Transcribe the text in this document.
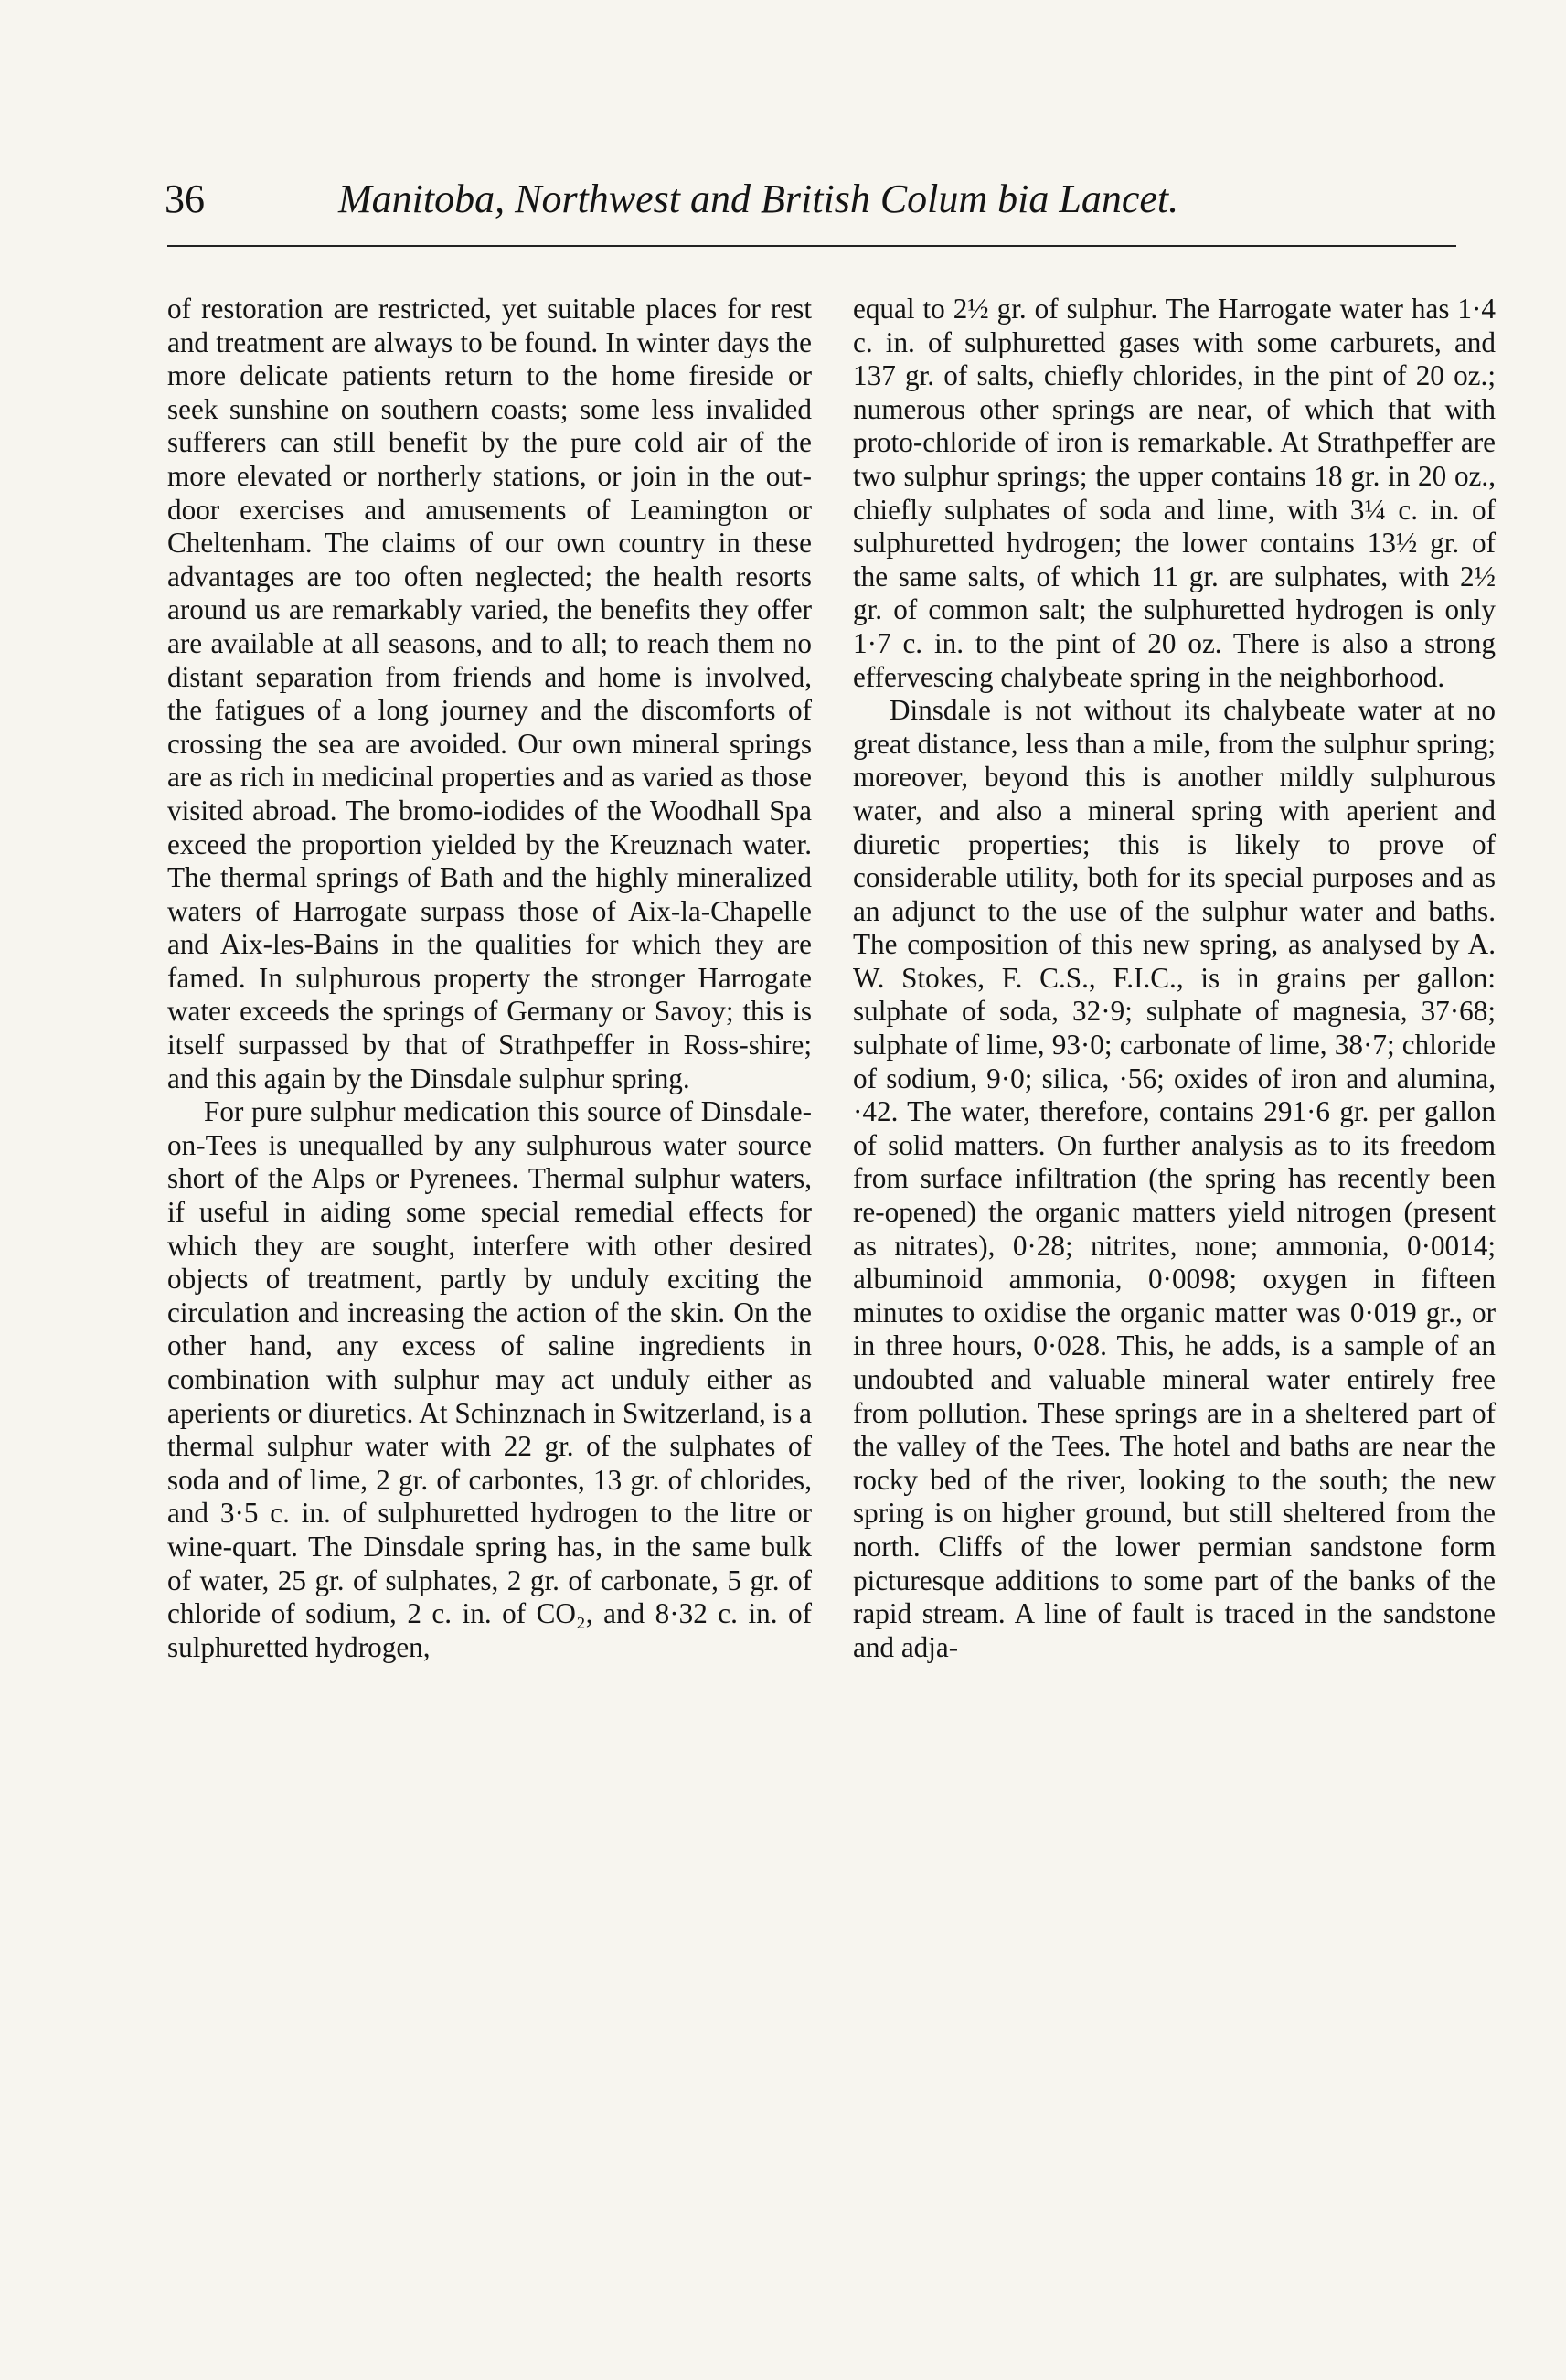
36	Manitoba, Northwest and British Colum bia Lancet.

of restoration are restricted, yet suitable places for rest and treatment are always to be found. In winter days the more delicate patients return to the home fireside or seek sunshine on southern coasts; some less invalided sufferers can still benefit by the pure cold air of the more elevated or northerly stations, or join in the out-door exercises and amusements of Leamington or Cheltenham. The claims of our own country in these advantages are too often neglected; the health resorts around us are remarkably varied, the benefits they offer are available at all seasons, and to all; to reach them no distant separation from friends and home is involved, the fatigues of a long journey and the discomforts of crossing the sea are avoided. Our own mineral springs are as rich in medicinal properties and as varied as those visited abroad. The bromo-iodides of the Woodhall Spa exceed the proportion yielded by the Kreuznach water. The thermal springs of Bath and the highly mineralized waters of Harrogate surpass those of Aix-la-Chapelle and Aix-les-Bains in the qualities for which they are famed. In sulphurous property the stronger Harrogate water exceeds the springs of Germany or Savoy; this is itself surpassed by that of Strathpeffer in Ross-shire; and this again by the Dinsdale sulphur spring.

For pure sulphur medication this source of Dinsdale-on-Tees is unequalled by any sulphurous water source short of the Alps or Pyrenees. Thermal sulphur waters, if useful in aiding some special remedial effects for which they are sought, interfere with other desired objects of treatment, partly by unduly exciting the circulation and increasing the action of the skin. On the other hand, any excess of saline ingredients in combination with sulphur may act unduly either as aperients or diuretics. At Schinznach in Switzerland, is a thermal sulphur water with 22 gr. of the sulphates of soda and of lime, 2 gr. of carbontes, 13 gr. of chlorides, and 3·5 c. in. of sulphuretted hydrogen to the litre or wine-quart. The Dinsdale spring has, in the same bulk of water, 25 gr. of sulphates, 2 gr. of carbonate, 5 gr. of chloride of sodium, 2 c. in. of CO₂, and 8·32 c. in. of sulphuretted hydrogen,

equal to 2½ gr. of sulphur. The Harrogate water has 1·4 c. in. of sulphuretted gases with some carburets, and 137 gr. of salts, chiefly chlorides, in the pint of 20 oz.; numerous other springs are near, of which that with proto-chloride of iron is remarkable. At Strathpeffer are two sulphur springs; the upper contains 18 gr. in 20 oz., chiefly sulphates of soda and lime, with 3¼ c. in. of sulphuretted hydrogen; the lower contains 13½ gr. of the same salts, of which 11 gr. are sulphates, with 2½ gr. of common salt; the sulphuretted hydrogen is only 1·7 c. in. to the pint of 20 oz. There is also a strong effervescing chalybeate spring in the neighborhood.

Dinsdale is not without its chalybeate water at no great distance, less than a mile, from the sulphur spring; moreover, beyond this is another mildly sulphurous water, and also a mineral spring with aperient and diuretic properties; this is likely to prove of considerable utility, both for its special purposes and as an adjunct to the use of the sulphur water and baths. The composition of this new spring, as analysed by A. W. Stokes, F. C.S., F.I.C., is in grains per gallon: sulphate of soda, 32·9; sulphate of magnesia, 37·68; sulphate of lime, 93·0; carbonate of lime, 38·7; chloride of sodium, 9·0; silica, ·56; oxides of iron and alumina, ·42. The water, therefore, contains 291·6 gr. per gallon of solid matters. On further analysis as to its freedom from surface infiltration (the spring has recently been re-opened) the organic matters yield nitrogen (present as nitrates), 0·28; nitrites, none; ammonia, 0·0014; albuminoid ammonia, 0·0098; oxygen in fifteen minutes to oxidise the organic matter was 0·019 gr., or in three hours, 0·028. This, he adds, is a sample of an undoubted and valuable mineral water entirely free from pollution. These springs are in a sheltered part of the valley of the Tees. The hotel and baths are near the rocky bed of the river, looking to the south; the new spring is on higher ground, but still sheltered from the north. Cliffs of the lower permian sandstone form picturesque additions to some part of the banks of the rapid stream. A line of fault is traced in the sandstone and adja-
